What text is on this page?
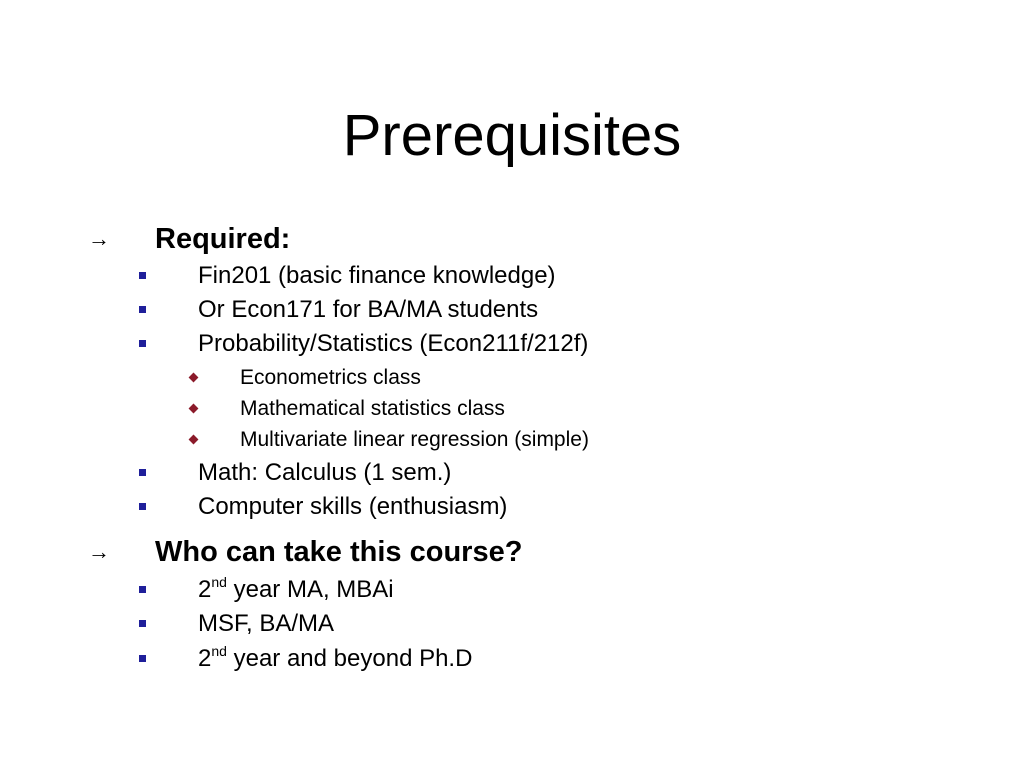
Prerequisites
→ Required:
Fin201 (basic finance knowledge)
Or Econ171 for BA/MA students
Probability/Statistics (Econ211f/212f)
Econometrics class
Mathematical statistics class
Multivariate linear regression (simple)
Math: Calculus (1 sem.)
Computer skills (enthusiasm)
→ Who can take this course?
2nd year MA, MBAi
MSF, BA/MA
2nd year and beyond Ph.D
